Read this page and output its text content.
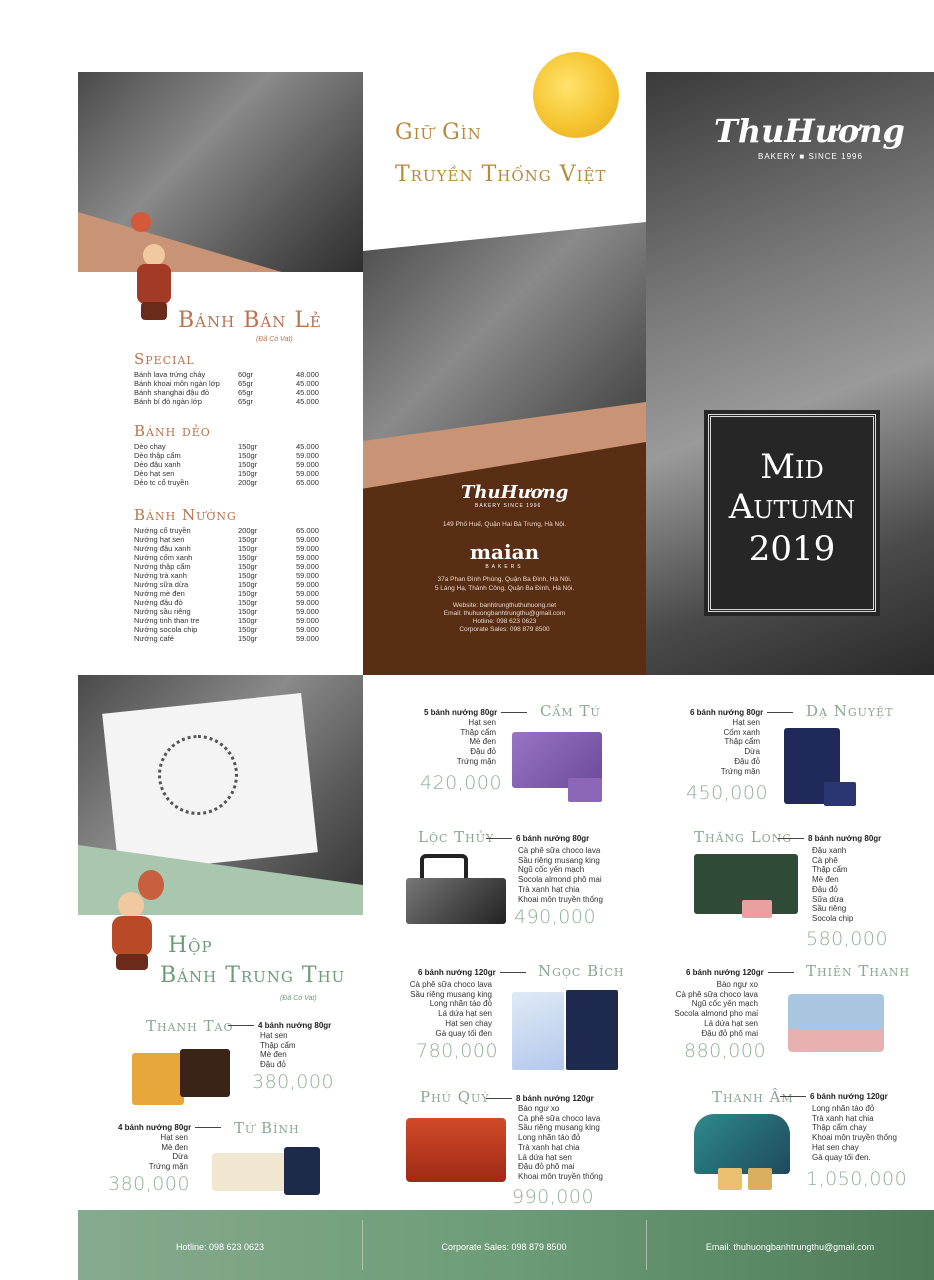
Bánh Bán Lẻ
(Đã Có Vat)
Special
Bánh lava trứng chảy	60gr	48.000
Bánh khoai môn ngàn lớp	65gr	45.000
Bánh shanghai đậu đỏ	65gr	45.000
Bánh bí đỏ ngàn lớp	65gr	45.000
Bánh dẻo
Dẻo chay	150gr	45.000
Dẻo thập cẩm	150gr	59.000
Dẻo đậu xanh	150gr	59.000
Dẻo hạt sen	150gr	59.000
Dẻo tc cổ truyền	200gr	65.000
Bánh Nướng
Nướng cổ truyền	200gr	65.000
Nướng hạt sen	150gr	59.000
Nướng đậu xanh	150gr	59.000
Nướng cốm xanh	150gr	59.000
Nướng thập cẩm	150gr	59.000
Nướng trà xanh	150gr	59.000
Nướng sữa dừa	150gr	59.000
Nướng mè đen	150gr	59.000
Nướng đậu đỏ	150gr	59.000
Nướng sầu riêng	150gr	59.000
Nướng tinh than tre	150gr	59.000
Nướng socola chip	150gr	59.000
Nướng café	150gr	59.000
Giữ Gìn
Truyền Thống Việt
ThuHương
BAKERY SINCE 1996
149 Phố Huế, Quận Hai Bà Trưng, Hà Nội.
maian
BAKERS
37a Phan Đình Phùng, Quận Ba Đình, Hà Nội.
5 Láng Hạ, Thành Công, Quận Ba Đình, Hà Nội.
Website: banhtrungthuthuhuong.net
Email: thuhuongbanhtrungthu@gmail.com
Hotline: 098 623 0623
Corporate Sales: 098 879 8500
ThuHương
BAKERY ■ SINCE 1996
Mid
Autumn
2019
Hộp
Bánh Trung Thu
(Đã Có Vat)
Thanh Tao	4 bánh nướng 80gr
Hạt sen
Thập cẩm
Mè đen
Đậu đỏ
380,000
4 bánh nướng 80gr	Tứ Bình
Hạt sen
Mè đen
Dừa
Trứng mặn
380,000
5 bánh nướng 80gr	Cẩm Tú
Hạt sen
Thập cẩm
Mè đen
Đậu đỏ
Trứng mặn
420,000
6 bánh nướng 80gr	Dạ Nguyệt
Hạt sen
Cốm xanh
Thập cẩm
Dừa
Đậu đỏ
Trứng mặn
450,000
Lộc Thủy	6 bánh nướng 80gr
Cà phê sữa choco lava
Sầu riêng musang king
Ngũ cốc yến mạch
Socola almond phô mai
Trà xanh hạt chia
Khoai môn truyền thống
490,000
Thăng Long	8 bánh nướng 80gr
Đậu xanh
Cà phê
Thập cẩm
Mè đen
Đậu đỏ
Sữa dừa
Sầu riêng
Socola chip
580,000
6 bánh nướng 120gr	Ngọc Bích
Cà phê sữa choco lava
Sầu riêng musang king
Long nhãn táo đỏ
Lá dứa hạt sen
Hạt sen chay
Gà quay tối đen
780,000
6 bánh nướng 120gr	Thiên Thanh
Bào ngư xo
Cà phê sữa choco lava
Ngũ cốc yến mạch
Socola almond pho mai
Lá dứa hạt sen
Đậu đỏ phô mai
880,000
Phú Quý	8 bánh nướng 120gr
Bào ngư xo
Cà phê sữa choco lava
Sầu riêng musang king
Long nhãn táo đỏ
Trà xanh hạt chia
Lá dứa hạt sen
Đậu đỏ phô mai
Khoai môn truyền thống
990,000
Thanh Âm	6 bánh nướng 120gr
Long nhãn táo đỏ
Trà xanh hạt chia
Thập cẩm chay
Khoai môn truyền thống
Hạt sen chay
Gà quay tối đen.
1,050,000
Hotline: 098 623 0623	Corporate Sales: 098 879 8500	Email: thuhuongbanhtrungthu@gmail.com
